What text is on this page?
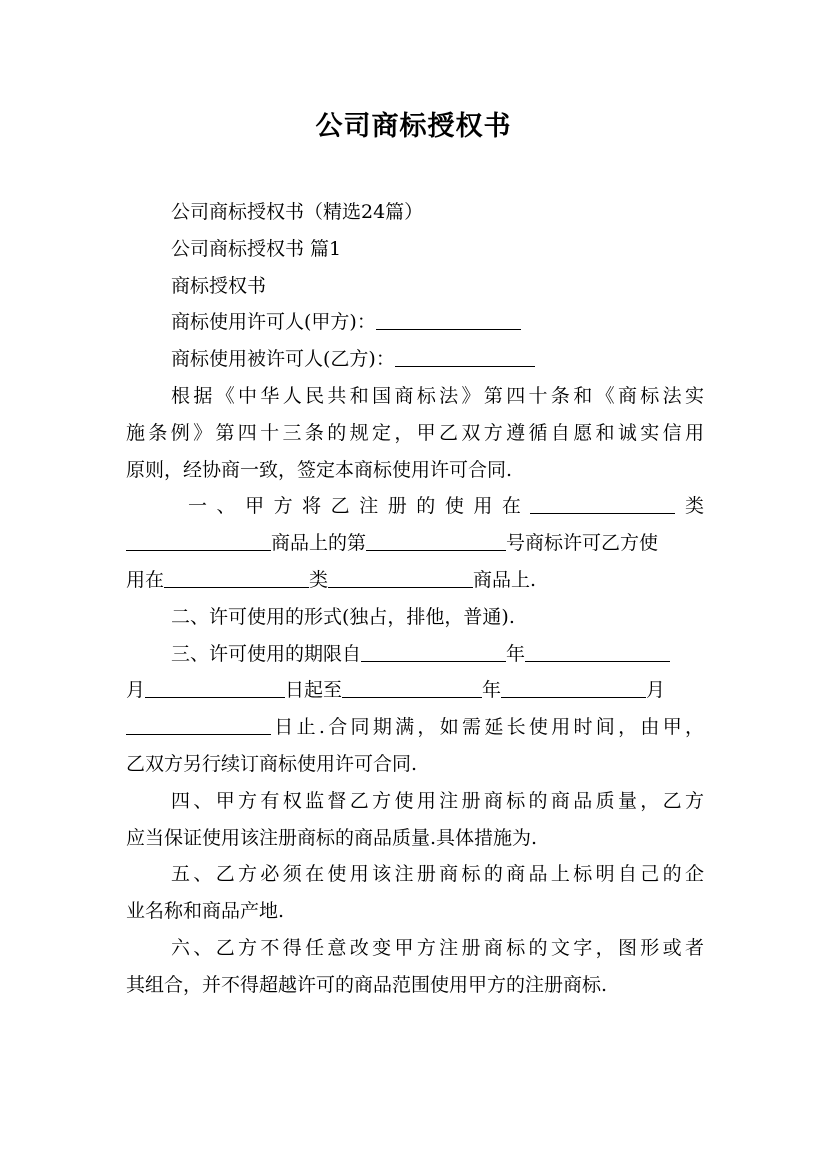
公司商标授权书
公司商标授权书（精选24篇）
公司商标授权书 篇1
商标授权书
商标使用许可人(甲方)：
商标使用被许可人(乙方)：
根据《中华人民共和国商标法》第四十条和《商标法实
施条例》第四十三条的规定，甲乙双方遵循自愿和诚实信用
原则，经协商一致，签定本商标使用许可合同.
一、甲方将乙注册的使用在	类
商品上的第	号商标许可乙方使
用在	类	商品上.
二、许可使用的形式(独占，排他，普通).
三、许可使用的期限自	年
月	日起至	年	月
日止.合同期满，如需延长使用时间，由甲，
乙双方另行续订商标使用许可合同.
四、甲方有权监督乙方使用注册商标的商品质量，乙方
应当保证使用该注册商标的商品质量.具体措施为.
五、乙方必须在使用该注册商标的商品上标明自己的企
业名称和商品产地.
六、乙方不得任意改变甲方注册商标的文字，图形或者
其组合，并不得超越许可的商品范围使用甲方的注册商标.
